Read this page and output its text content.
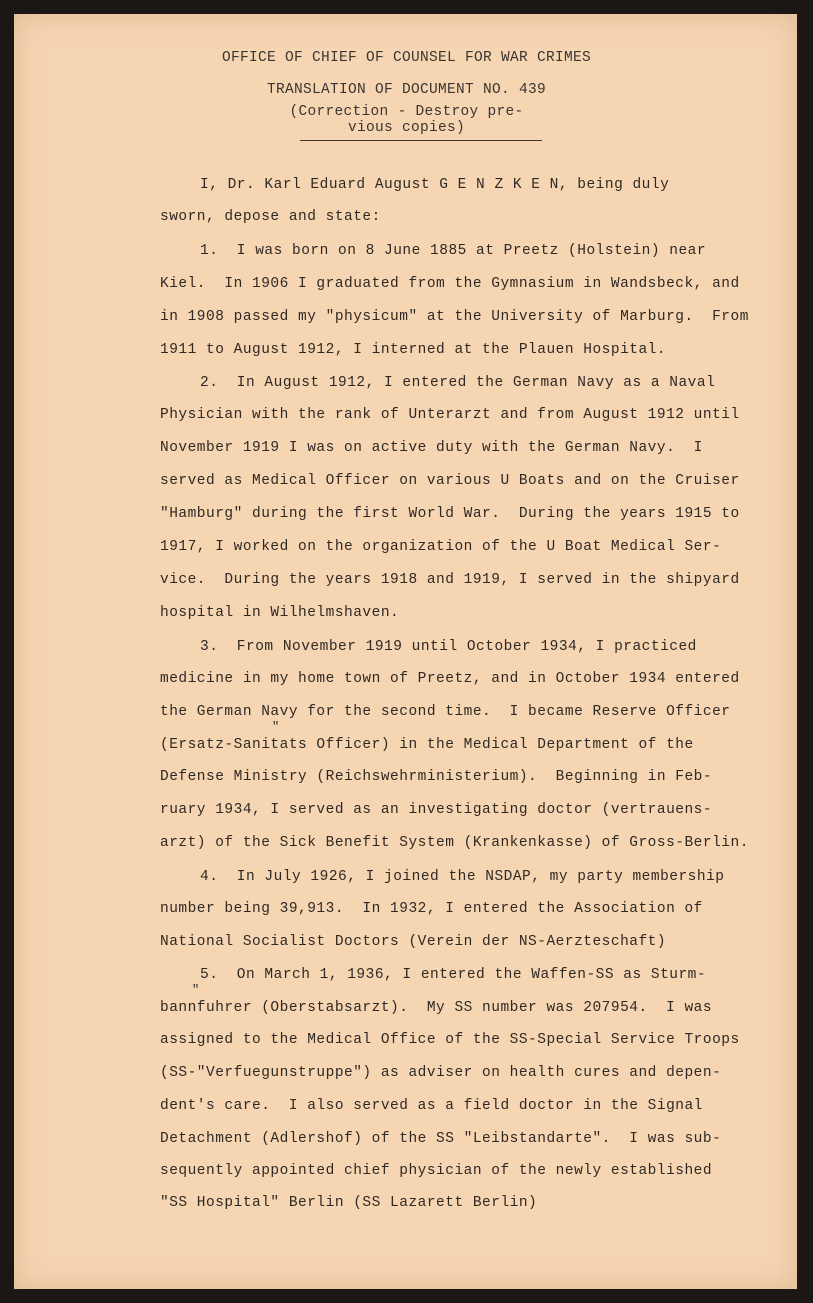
OFFICE OF CHIEF OF COUNSEL FOR WAR CRIMES
TRANSLATION OF DOCUMENT NO. 439
(Correction - Destroy pre-
vious copies)
I, Dr. Karl Eduard August G E N Z K E N, being duly
sworn, depose and state:
1.  I was born on 8 June 1885 at Preetz (Holstein) near
Kiel.  In 1906 I graduated from the Gymnasium in Wandsbeck, and
in 1908 passed my "physicum" at the University of Marburg.  From
1911 to August 1912, I interned at the Plauen Hospital.
2.  In August 1912, I entered the German Navy as a Naval
Physician with the rank of Unterarzt and from August 1912 until
November 1919 I was on active duty with the German Navy.  I
served as Medical Officer on various U Boats and on the Cruiser
"Hamburg" during the first World War.  During the years 1915 to
1917, I worked on the organization of the U Boat Medical Ser-
vice.  During the years 1918 and 1919, I served in the shipyard
hospital in Wilhelmshaven.
3.  From November 1919 until October 1934, I practiced
medicine in my home town of Preetz, and in October 1934 entered
the German Navy for the second time.  I became Reserve Officer
"
(Ersatz-Sanitats Officer) in the Medical Department of the
Defense Ministry (Reichswehrministerium).  Beginning in Feb-
ruary 1934, I served as an investigating doctor (vertrauens-
arzt) of the Sick Benefit System (Krankenkasse) of Gross-Berlin.
4.  In July 1926, I joined the NSDAP, my party membership
number being 39,913.  In 1932, I entered the Association of
National Socialist Doctors (Verein der NS-Aerzteschaft)
5.  On March 1, 1936, I entered the Waffen-SS as Sturm-
"
bannfuhrer (Oberstabsarzt).  My SS number was 207954.  I was
assigned to the Medical Office of the SS-Special Service Troops
(SS-"Verfuegunstruppe") as adviser on health cures and depen-
dent's care.  I also served as a field doctor in the Signal
Detachment (Adlershof) of the SS "Leibstandarte".  I was sub-
sequently appointed chief physician of the newly established
"SS Hospital" Berlin (SS Lazarett Berlin)
